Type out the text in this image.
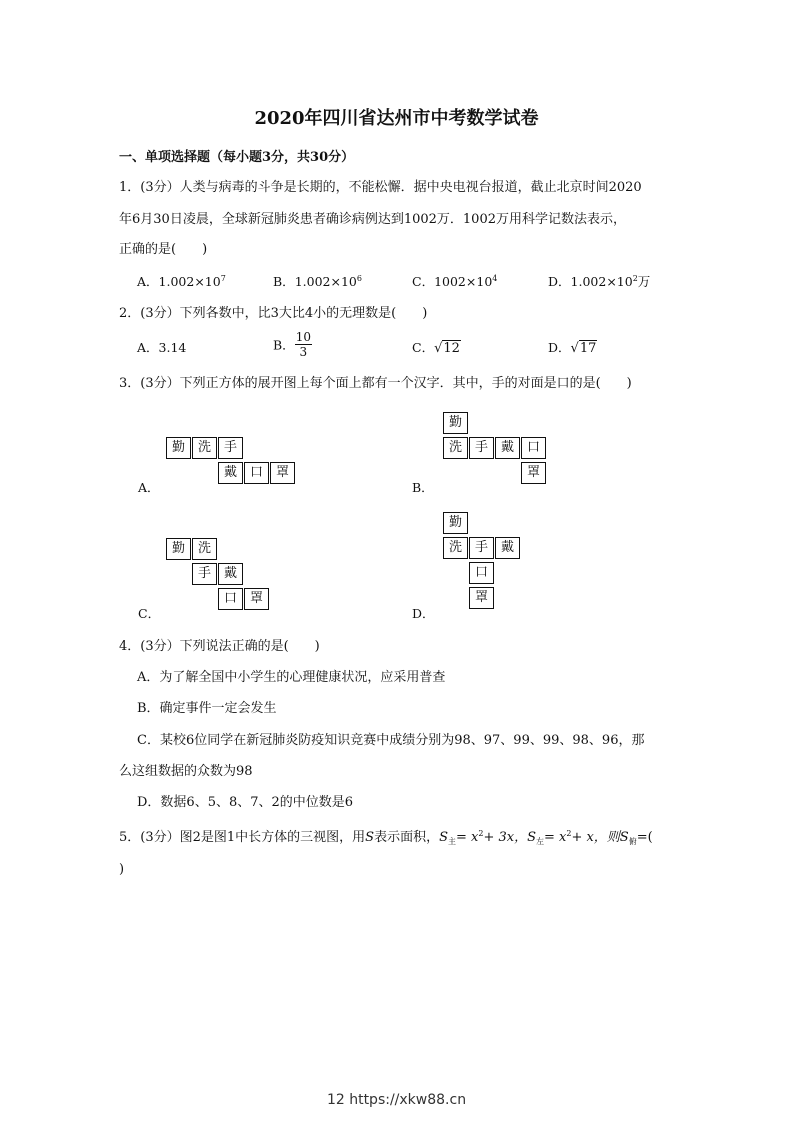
2020年四川省达州市中考数学试卷
一、单项选择题（每小题3分，共30分）
1．(3分）人类与病毒的斗争是长期的，不能松懈．据中央电视台报道，截止北京时间2020
年6月30日凌晨，全球新冠肺炎患者确诊病例达到1002万．1002万用科学记数法表示，
正确的是(　　)
A．$1.002\times 10^7$	B．$1.002\times 10^6$	C．$1002\times 10^4$	D．$1.002\times 10^2$万
2．(3分）下列各数中，比3大比4小的无理数是(　　)
A．3.14	B． $\frac{10}{3}$	C．√12	D．√17
3．(3分）下列正方体的展开图上每个面上都有一个汉字．其中，手的对面是口的是(　　)
勤 洗 手
戴 口 罩
A．
勤
洗 手 戴 口
罩
B．
勤 洗
手 戴
口 罩
C．
勤
洗 手 戴
口
罩
D．
4．(3分）下列说法正确的是(　　)
A．为了解全国中小学生的心理健康状况，应采用普查
B．确定事件一定会发生
C．某校6位同学在新冠肺炎防疫知识竞赛中成绩分别为98、97、99、99、98、96，那
么这组数据的众数为98
D．数据6、5、8、7、2的中位数是6
5．(3分）图2是图1中长方体的三视图，用S表示面积，$S_主= x^2+ 3x$，$S_左= x^2+ x$，则$S_俯=$(
)
12 https://xkw88.cn
